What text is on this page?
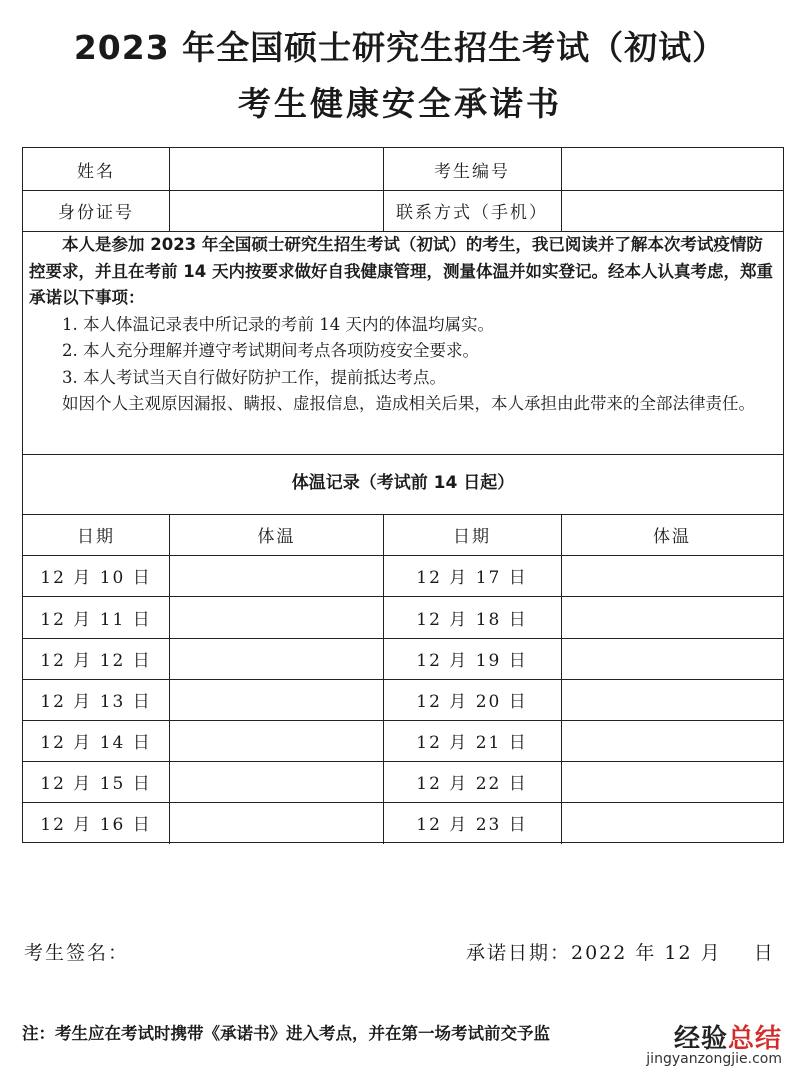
2023 年全国硕士研究生招生考试（初试）
考生健康安全承诺书
姓名	考生编号
身份证号	联系方式（手机）

本人是参加 2023 年全国硕士研究生招生考试（初试）的考生，我已阅读并了解本次考试疫情防控要求，并且在考前 14 天内按要求做好自我健康管理，测量体温并如实登记。经本人认真考虑，郑重承诺以下事项：

1. 本人体温记录表中所记录的考前 14 天内的体温均属实。

2. 本人充分理解并遵守考试期间考点各项防疫安全要求。

3. 本人考试当天自行做好防护工作，提前抵达考点。

如因个人主观原因漏报、瞒报、虚报信息，造成相关后果，本人承担由此带来的全部法律责任。

体温记录（考试前 14 日起）
日期	体温	日期	体温
12 月 10 日	12 月 17 日
12 月 11 日	12 月 18 日
12 月 12 日	12 月 19 日
12 月 13 日	12 月 20 日
12 月 14 日	12 月 21 日
12 月 15 日	12 月 22 日
12 月 16 日	12 月 23 日
考生签名：	承诺日期：2022 年 12 月    日
注：考生应在考试时携带《承诺书》进入考点，并在第一场考试前交予监	经验总结
jingyanzongjie.com
